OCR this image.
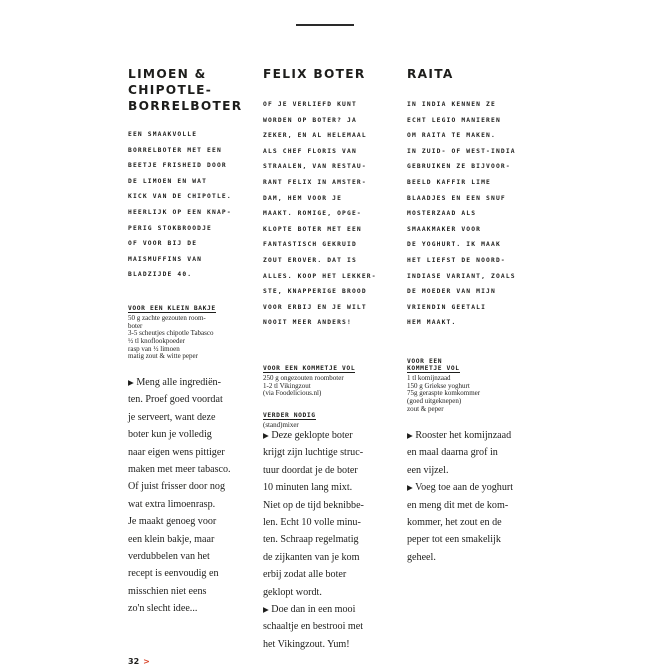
LIMOEN &
CHIPOTLE-
BORRELBOTER

EEN SMAAKVOLLE
BORRELBOTER MET EEN
BEETJE FRISHEID DOOR
DE LIMOEN EN WAT
KICK VAN DE CHIPOTLE.
HEERLIJK OP EEN KNAP-
PERIG STOKBROODJE
OF VOOR BIJ DE
MAISMUFFINS VAN
BLADZIJDE 40.

VOOR EEN KLEIN BAKJE
50 g zachte gezouten room-
boter
3-5 scheutjes chipotle Tabasco
½ tl knoflookpoeder
rasp van ½ limoen
matig zout & witte peper
FELIX BOTER

OF JE VERLIEFD KUNT
WORDEN OP BOTER? JA
ZEKER, EN AL HELEMAAL
ALS CHEF FLORIS VAN
STRAALEN, VAN RESTAU-
RANT FELIX IN AMSTER-
DAM, HEM VOOR JE
MAAKT. ROMIGE, OPGE-
KLOPTE BOTER MET EEN
FANTASTISCH GEKRUID
ZOUT EROVER. DAT IS
ALLES. KOOP HET LEKKER-
STE, KNAPPERIGE BROOD
VOOR ERBIJ EN JE WILT
NOOIT MEER ANDERS!

VOOR EEN KOMMETJE VOL
250 g ongezouten roomboter
1-2 tl Vikingzout
(via Foodelicious.nl)
VERDER NODIG
(stand)mixer
RAITA

IN INDIA KENNEN ZE
ECHT LEGIO MANIEREN
OM RAITA TE MAKEN.
IN ZUID- OF WEST-INDIA
GEBRUIKEN ZE BIJVOOR-
BEELD KAFFIR LIME
BLAADJES EN EEN SNUF
MOSTERZAAD ALS
SMAAKMAKER VOOR
DE YOGHURT. IK MAAK
HET LIEFST DE NOORD-
INDIASE VARIANT, ZOALS
DE MOEDER VAN MIJN
VRIENDIN GEETALI
HEM MAAKT.

VOOR EEN
KOMMETJE VOL
1 tl komijnzaad
150 g Griekse yoghurt
75g geraspte komkommer
(goed uitgeknepen)
zout & peper

▶ Meng alle ingrediën-
ten. Proef goed voordat
je serveert, want deze
boter kun je volledig
naar eigen wens pittiger
maken met meer tabasco.
Of juist frisser door nog
wat extra limoenrasp.
Je maakt genoeg voor
een klein bakje, maar
verdubbelen van het
recept is eenvoudig en
misschien niet eens
zo'n slecht idee...

▶ Deze geklopte boter
krijgt zijn luchtige struc-
tuur doordat je de boter
10 minuten lang mixt.
Niet op de tijd beknibbe-
len. Echt 10 volle minu-
ten. Schraap regelmatig
de zijkanten van je kom
erbij zodat alle boter
geklopt wordt.
▶ Doe dan in een mooi
schaaltje en bestrooi met
het Vikingzout. Yum!

▶ Rooster het komijnzaad
en maal daarna grof in
een vijzel.
▶ Voeg toe aan de yoghurt
en meng dit met de kom-
kommer, het zout en de
peper tot een smakelijk
geheel.

32 >
